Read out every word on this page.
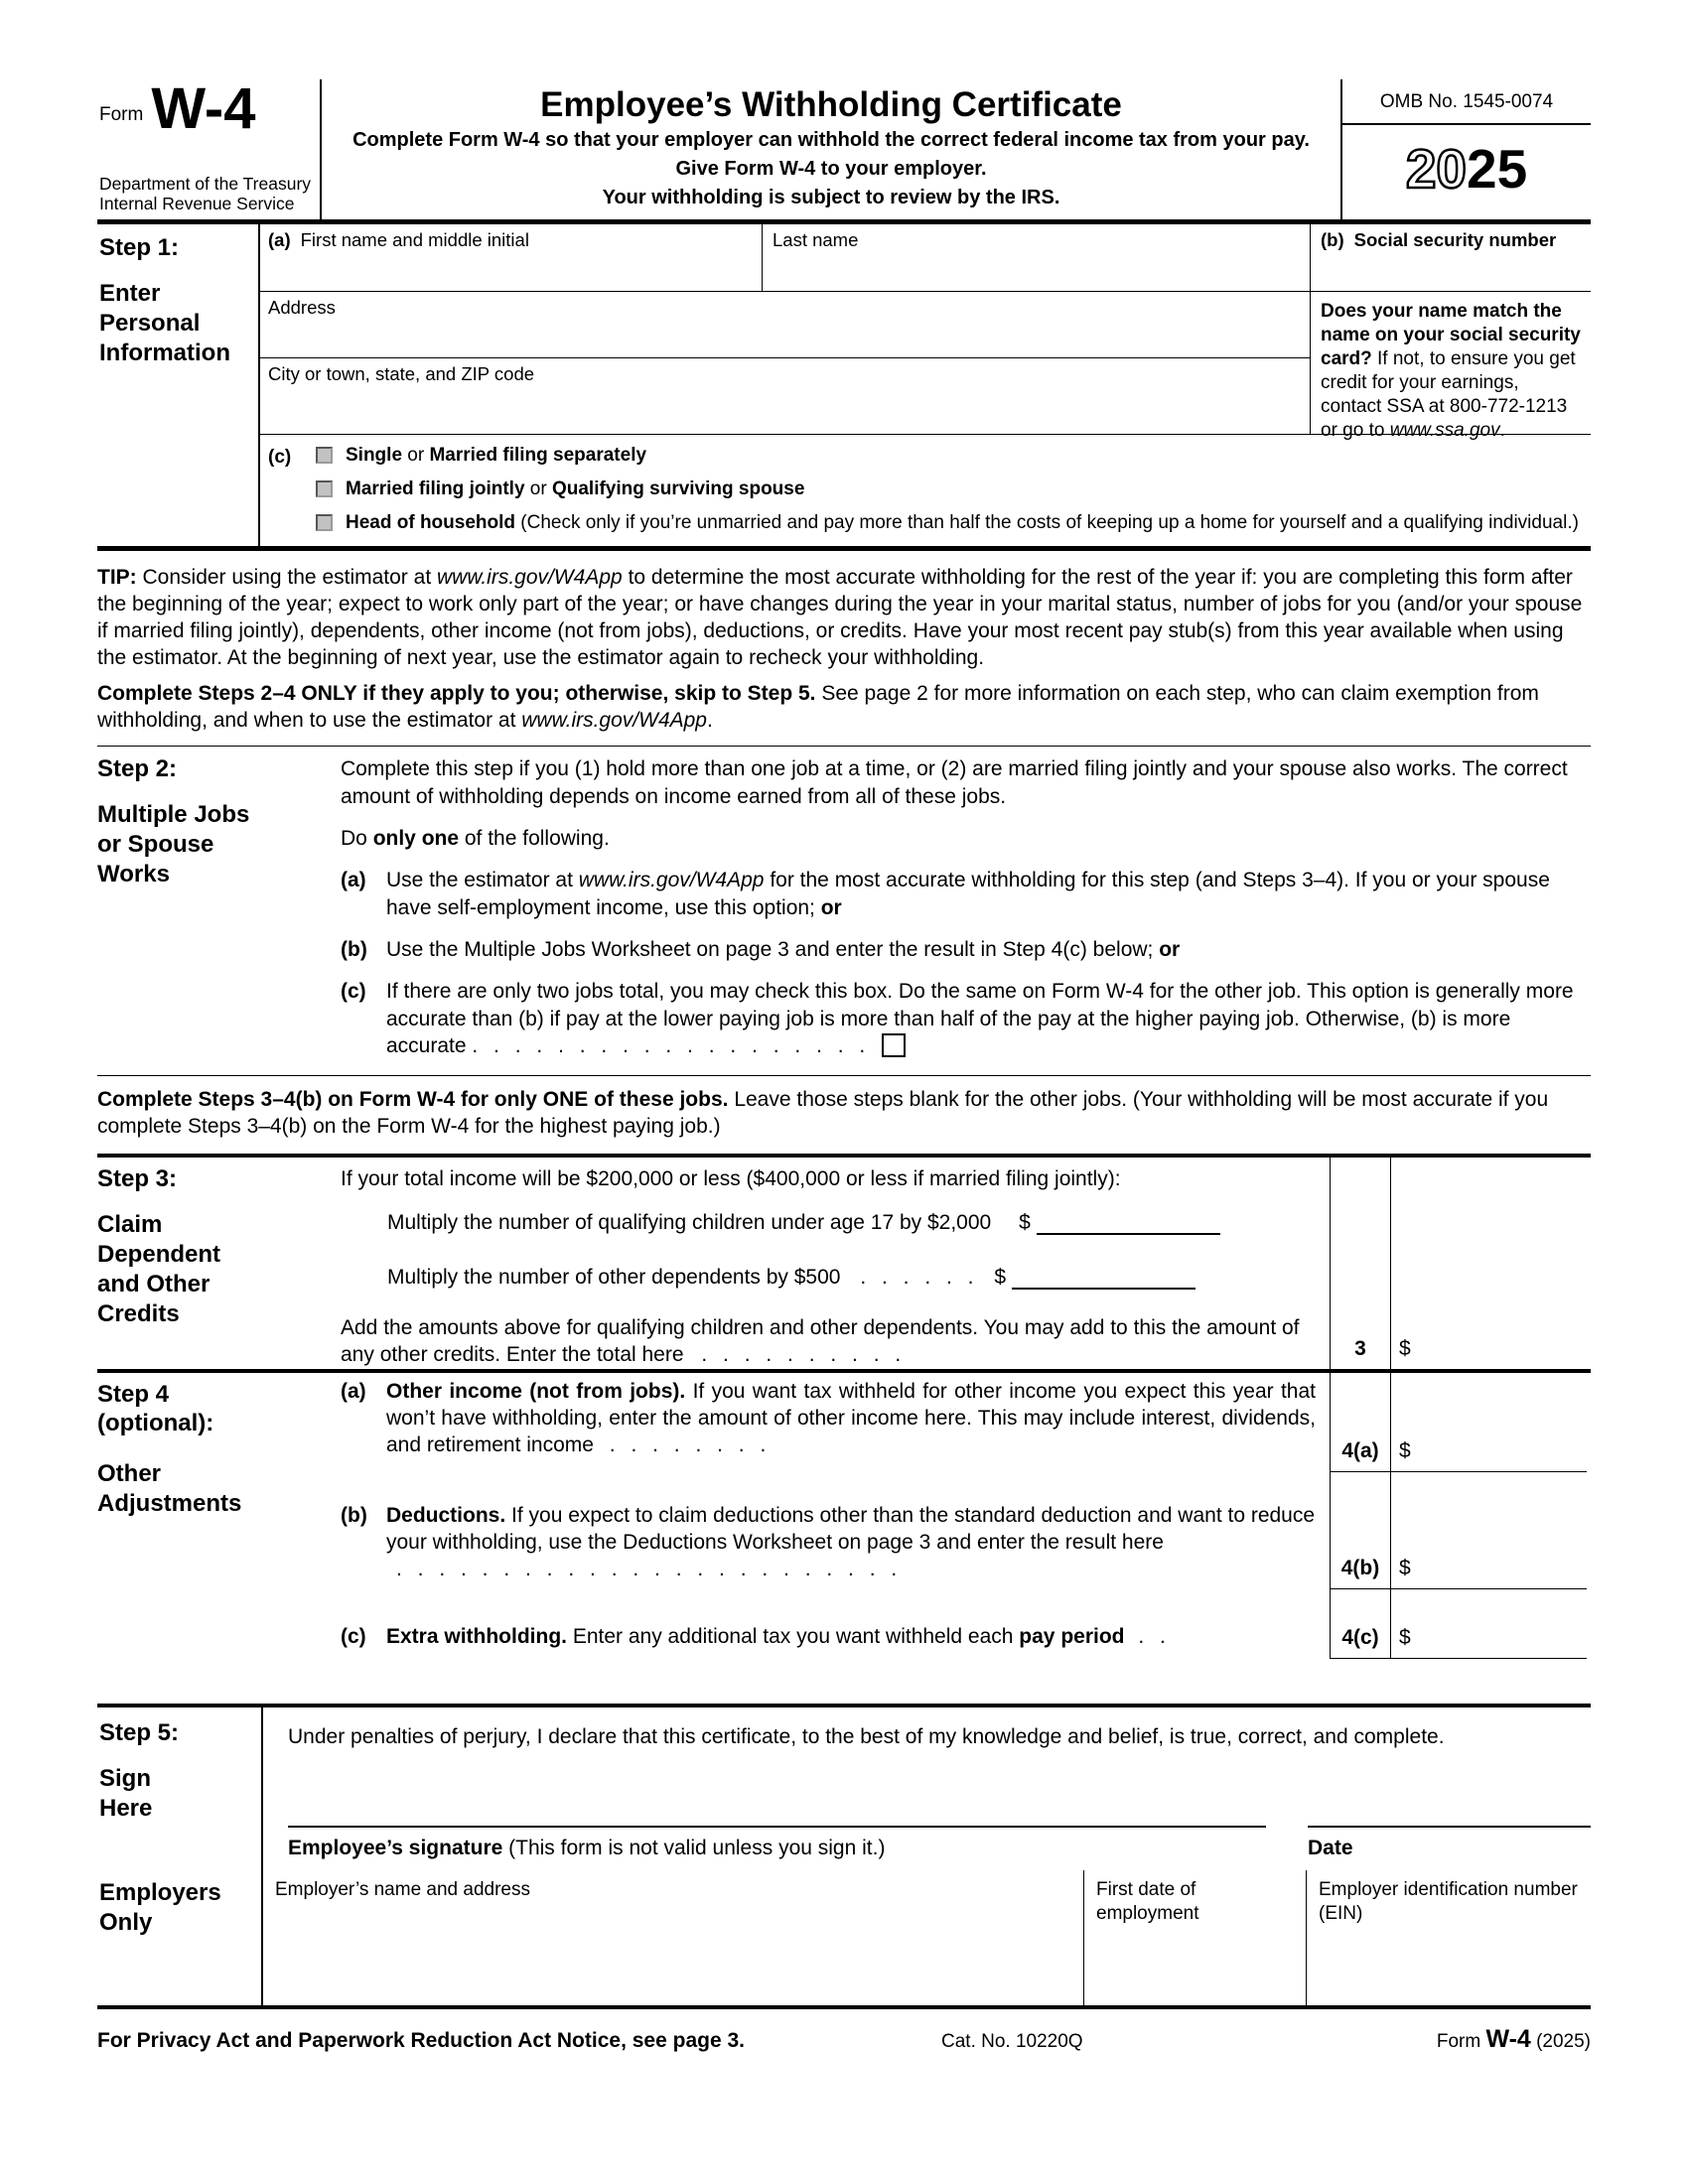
Form W-4
Department of the Treasury
Internal Revenue Service
Employee’s Withholding Certificate
Complete Form W-4 so that your employer can withhold the correct federal income tax from your pay.
Give Form W-4 to your employer.
Your withholding is subject to review by the IRS.
OMB No. 1545-0074
2025
Step 1:
Enter Personal Information
(a) First name and middle initial	Last name	(b) Social security number
Address
City or town, state, and ZIP code
Does your name match the name on your social security card? If not, to ensure you get credit for your earnings, contact SSA at 800-772-1213 or go to www.ssa.gov.
(c)	Single or Married filing separately
Married filing jointly or Qualifying surviving spouse
Head of household (Check only if you’re unmarried and pay more than half the costs of keeping up a home for yourself and a qualifying individual.)
TIP: Consider using the estimator at www.irs.gov/W4App to determine the most accurate withholding for the rest of the year if: you are completing this form after the beginning of the year; expect to work only part of the year; or have changes during the year in your marital status, number of jobs for you (and/or your spouse if married filing jointly), dependents, other income (not from jobs), deductions, or credits. Have your most recent pay stub(s) from this year available when using the estimator. At the beginning of next year, use the estimator again to recheck your withholding.
Complete Steps 2–4 ONLY if they apply to you; otherwise, skip to Step 5. See page 2 for more information on each step, who can claim exemption from withholding, and when to use the estimator at www.irs.gov/W4App.
Step 2:
Multiple Jobs or Spouse Works
Complete this step if you (1) hold more than one job at a time, or (2) are married filing jointly and your spouse also works. The correct amount of withholding depends on income earned from all of these jobs.
Do only one of the following.
(a) Use the estimator at www.irs.gov/W4App for the most accurate withholding for this step (and Steps 3–4). If you or your spouse have self-employment income, use this option; or
(b) Use the Multiple Jobs Worksheet on page 3 and enter the result in Step 4(c) below; or
(c) If there are only two jobs total, you may check this box. Do the same on Form W-4 for the other job. This option is generally more accurate than (b) if pay at the lower paying job is more than half of the pay at the higher paying job. Otherwise, (b) is more accurate . . . . . . . . . . . . . . . . . . .
Complete Steps 3–4(b) on Form W-4 for only ONE of these jobs. Leave those steps blank for the other jobs. (Your withholding will be most accurate if you complete Steps 3–4(b) on the Form W-4 for the highest paying job.)
Step 3:
Claim Dependent and Other Credits
If your total income will be $200,000 or less ($400,000 or less if married filing jointly):
Multiply the number of qualifying children under age 17 by $2,000 $
Multiply the number of other dependents by $500 . . . . . . $
Add the amounts above for qualifying children and other dependents. You may add to this the amount of any other credits. Enter the total here . . . . . . . . . .	3	$
Step 4 (optional):
Other Adjustments
(a) Other income (not from jobs). If you want tax withheld for other income you expect this year that won’t have withholding, enter the amount of other income here. This may include interest, dividends, and retirement income . . . . . . . .	4(a) $
(b) Deductions. If you expect to claim deductions other than the standard deduction and want to reduce your withholding, use the Deductions Worksheet on page 3 and enter the result here . . . . . . . . . . . . . . . . . . . . . . . .	4(b) $
(c) Extra withholding. Enter any additional tax you want withheld each pay period . .	4(c) $
Step 5:
Sign Here
Under penalties of perjury, I declare that this certificate, to the best of my knowledge and belief, is true, correct, and complete.
Employee’s signature (This form is not valid unless you sign it.)	Date
Employers Only
Employer’s name and address	First date of employment
Employer identification number (EIN)
For Privacy Act and Paperwork Reduction Act Notice, see page 3.	Cat. No. 10220Q	Form W-4 (2025)
